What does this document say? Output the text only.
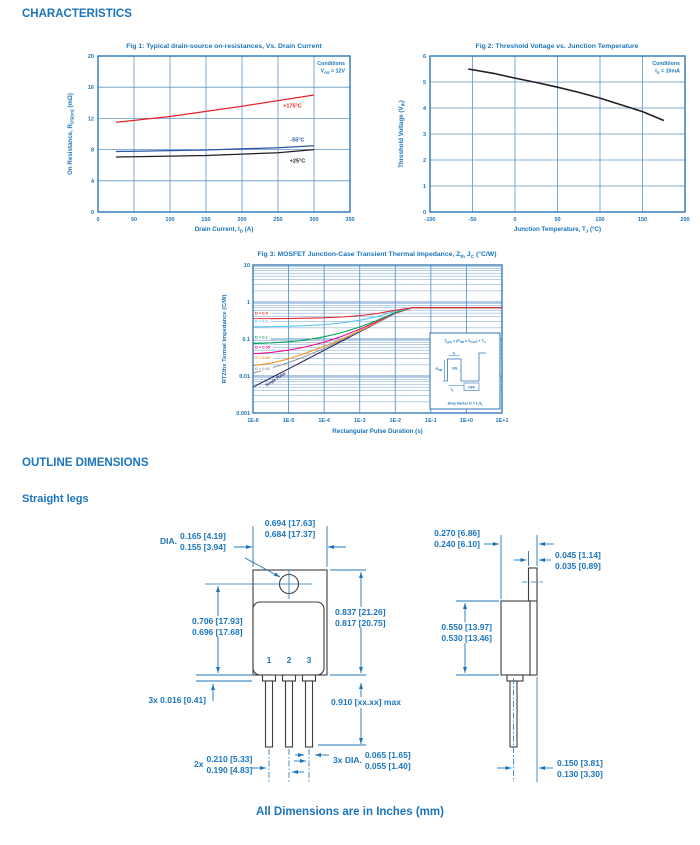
CHARACTERISTICS
+175°C
-55°C
+25°C
0
4
8
12
16
20
0	50	100	150	200	250	300	350
Fig 1: Typical drain-source on-resistances, Vs. Drain Current
Drain Current, $I_D$ (A)
On Resistance, $R_{DS(on)}$ (mΩ)
Conditions
$V_{GS} = 12V$
0
1
2
3
4
5
6
-100	-50	0	50	100	150	200
Fig 2: Threshold Voltage vs. Junction Temperature
Junction Temperature, $T_J$ (°C)
Threshold Voltage $(V_{th})$
Conditions
$I_D = 10mA$
D = 0.5
D = 0.3
D = 0.1
D = 0.05
D = 0.02
D = 0.01
Single Pulse
0.001
0.01
0.1
1
10
1E-6	1E-5	1E-4	1E-3	1E-2	1E-1	1E+0	1E+1
Fig 3: MOSFET Junction-Case Transient Thermal Impedance, $Z_{th}$ $J_C$ (°C/W)
Rectangular Pulse Duration (s)
RTZthx Termal Impedance (C/W)	$T_{j(pk)} = (P_{DM}$ x $Z_{thJC}) + T_C$
$P_{DM}$
$t_1$
ON
$t_2$
OFF
Duty Factor $D = t_1/t_2$
OUTLINE DIMENSIONS
Straight legs
0.694 [17.63]
0.684 [17.37]
DIA.
0.165 [4.19]
0.155 [3.94]
0.837 [21.26]
0.817 [20.75]
0.706 [17.93]
0.696 [17.68]
3x 0.016 [0.41]	0.910 [xx.xx] max
2x
0.210 [5.33]
0.190 [4.83]
3x DIA.
0.065 [1.65]
0.055 [1.40]
1	2	3
0.270 [6.86]
0.240 [6.10]
0.045 [1.14]
0.035 [0.89]
0.550 [13.97]
0.530 [13.46]
0.150 [3.81]
0.130 [3.30]
All Dimensions are in Inches (mm)
